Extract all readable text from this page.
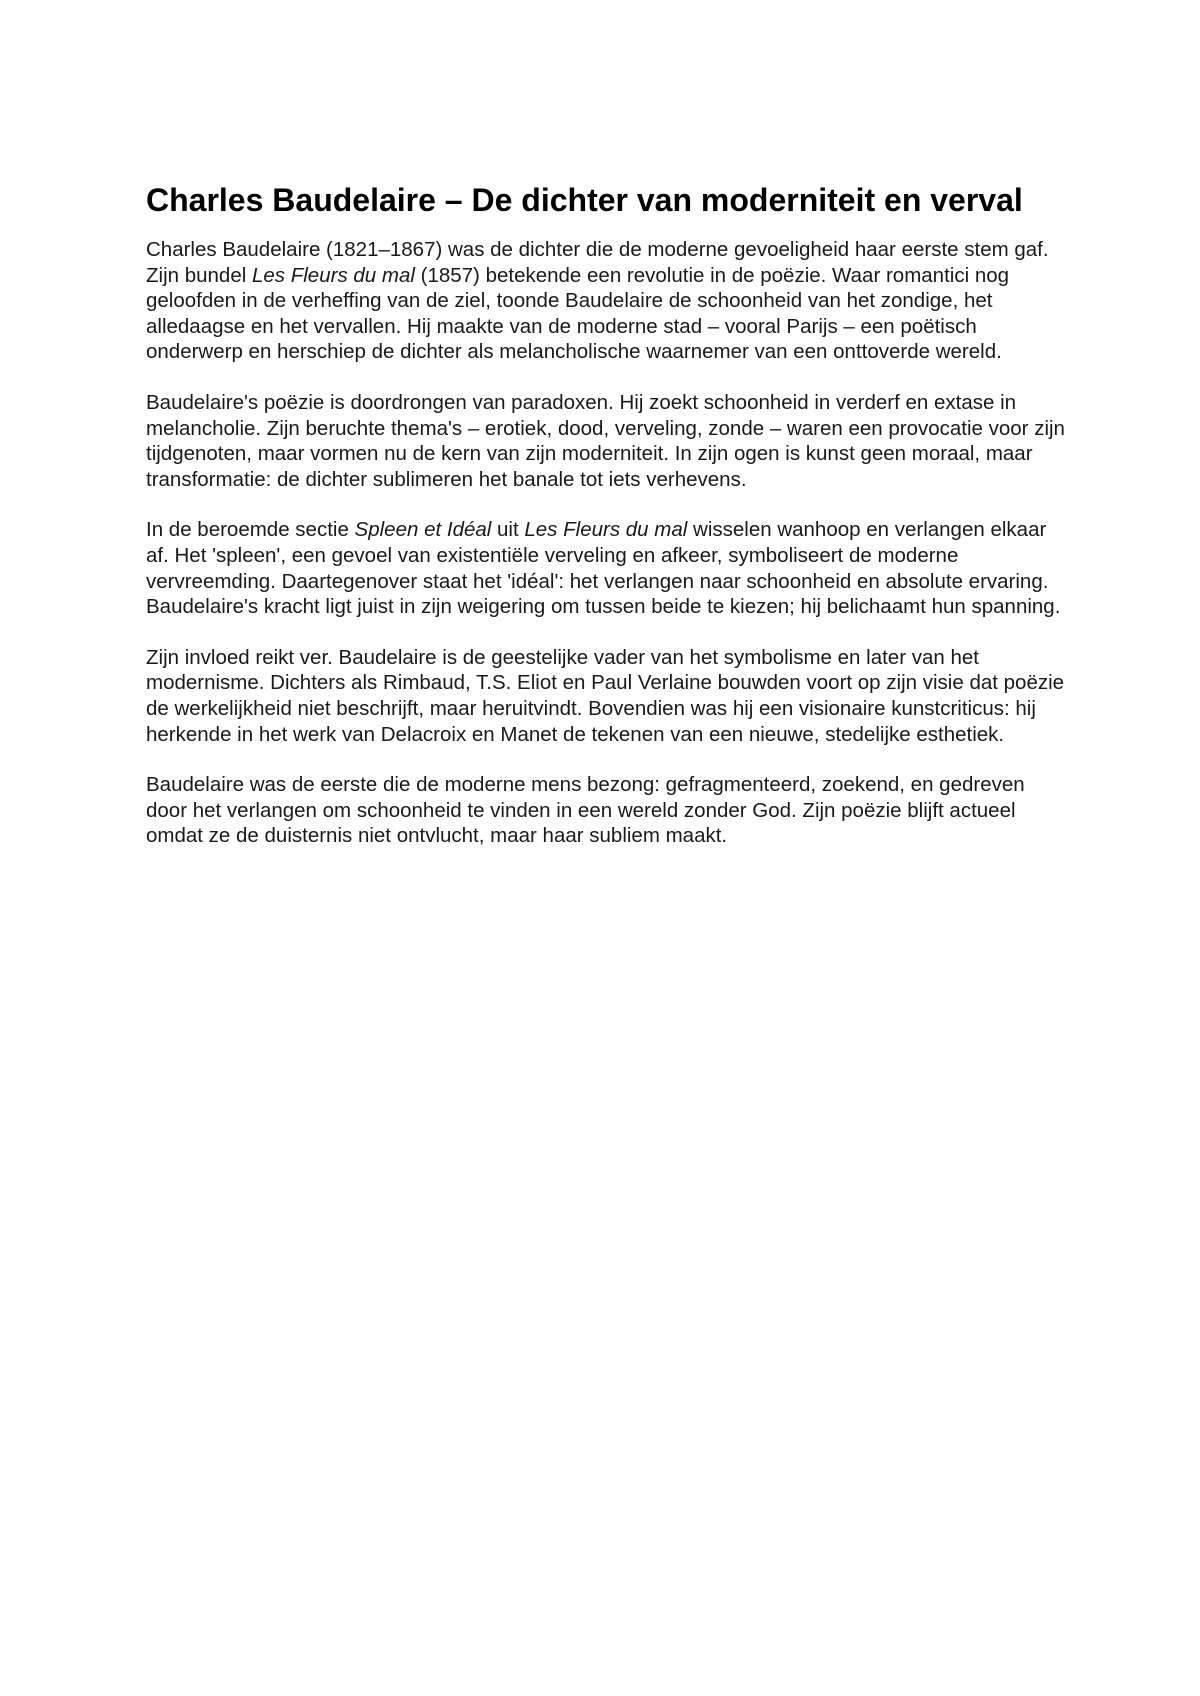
Charles Baudelaire – De dichter van moderniteit en verval

Charles Baudelaire (1821–1867) was de dichter die de moderne gevoeligheid haar eerste stem gaf. Zijn bundel Les Fleurs du mal (1857) betekende een revolutie in de poëzie. Waar romantici nog geloofden in de verheffing van de ziel, toonde Baudelaire de schoonheid van het zondige, het alledaagse en het vervallen. Hij maakte van de moderne stad – vooral Parijs – een poëtisch onderwerp en herschiep de dichter als melancholische waarnemer van een onttoverde wereld.

Baudelaire's poëzie is doordrongen van paradoxen. Hij zoekt schoonheid in verderf en extase in melancholie. Zijn beruchte thema's – erotiek, dood, verveling, zonde – waren een provocatie voor zijn tijdgenoten, maar vormen nu de kern van zijn moderniteit. In zijn ogen is kunst geen moraal, maar transformatie: de dichter sublimeren het banale tot iets verhevens.

In de beroemde sectie Spleen et Idéal uit Les Fleurs du mal wisselen wanhoop en verlangen elkaar af. Het 'spleen', een gevoel van existentiële verveling en afkeer, symboliseert de moderne vervreemding. Daartegenover staat het 'idéal': het verlangen naar schoonheid en absolute ervaring. Baudelaire's kracht ligt juist in zijn weigering om tussen beide te kiezen; hij belichaamt hun spanning.

Zijn invloed reikt ver. Baudelaire is de geestelijke vader van het symbolisme en later van het modernisme. Dichters als Rimbaud, T.S. Eliot en Paul Verlaine bouwden voort op zijn visie dat poëzie de werkelijkheid niet beschrijft, maar heruitvindt. Bovendien was hij een visionaire kunstcriticus: hij herkende in het werk van Delacroix en Manet de tekenen van een nieuwe, stedelijke esthetiek.

Baudelaire was de eerste die de moderne mens bezong: gefragmenteerd, zoekend, en gedreven door het verlangen om schoonheid te vinden in een wereld zonder God. Zijn poëzie blijft actueel omdat ze de duisternis niet ontvlucht, maar haar subliem maakt.
